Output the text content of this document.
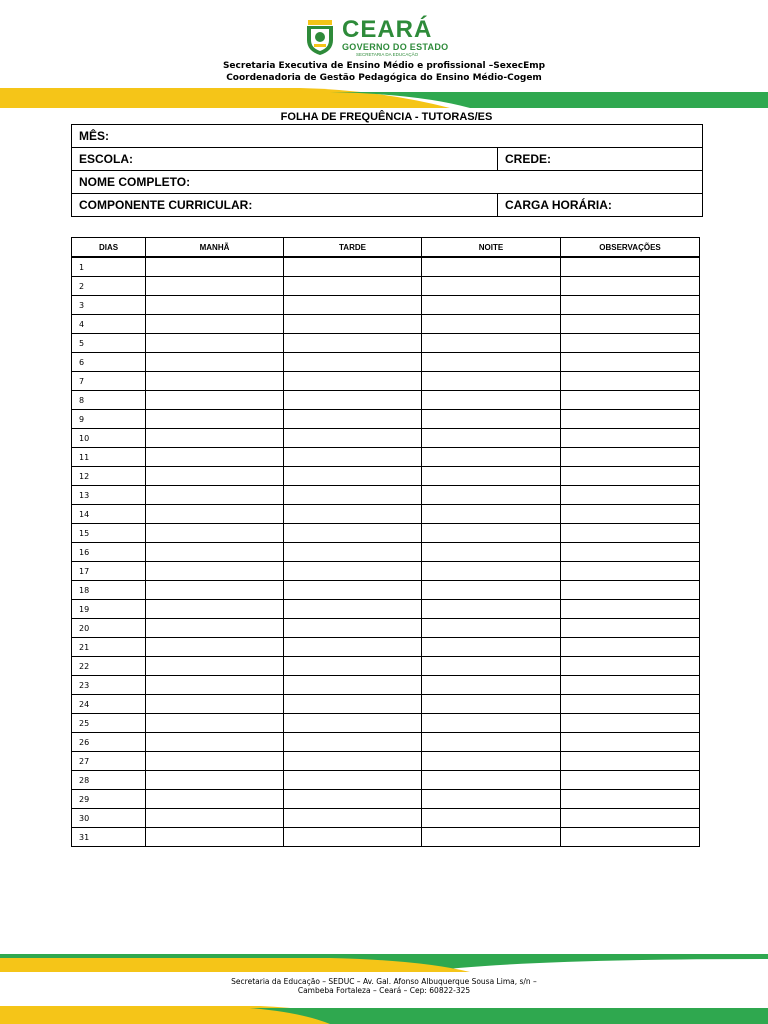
CEARÁ
GOVERNO DO ESTADO
SECRETARIA DA EDUCAÇÃO
Secretaria Executiva de Ensino Médio e profissional –SexecEmp
Coordenadoria de Gestão Pedagógica do Ensino Médio-Cogem
FOLHA DE FREQUÊNCIA - TUTORAS/ES
MÊS:	
ESCOLA:	CREDE:
NOME COMPLETO:	
COMPONENTE CURRICULAR:	CARGA HORÁRIA:
DIAS	MANHÃ	TARDE	NOITE	OBSERVAÇÕES
1				
2				
3				
4				
5				
6				
7				
8				
9				
10				
11				
12				
13				
14				
15				
16				
17				
18				
19				
20				
21				
22				
23				
24				
25				
26				
27				
28				
29				
30				
31				
Secretaria da Educação – SEDUC – Av. Gal. Afonso Albuquerque Sousa Lima, s/n –
Cambeba Fortaleza – Ceará – Cep: 60822-325
